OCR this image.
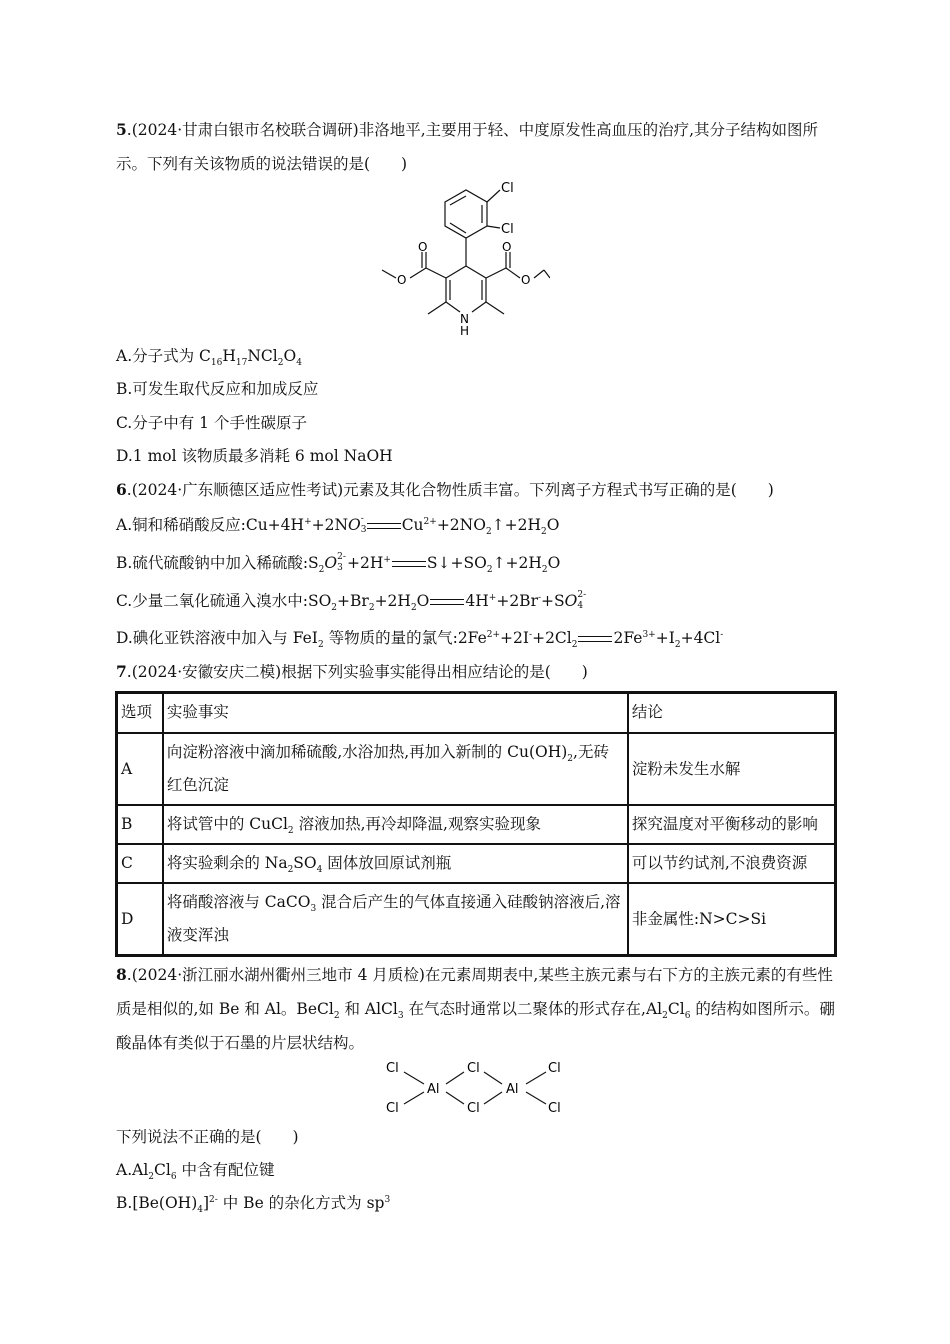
5.(2024·甘肃白银市名校联合调研)非洛地平,主要用于轻、中度原发性高血压的治疗,其分子结构如图所示。下列有关该物质的说法错误的是(　　)
Cl
Cl
O
O
O
O
N
H
A.分子式为 $C_{16}H_{17}NCl_2O_4$
B.可发生取代反应和加成反应
C.分子中有 1 个手性碳原子
D.1 mol 该物质最多消耗 6 mol NaOH
6.(2024·广东顺德区适应性考试)元素及其化合物性质丰富。下列离子方程式书写正确的是(　　)
A.铜和稀硝酸反应:Cu+4H++2NO -
3 $Cu^{2+}+2NO_2↑+2H_2O$
B.硫代硫酸钠中加入稀硫酸$:S_2O$ 2-
3 +2H+ $S↓+SO_2↑+2H_2O$
C.少量二氧化硫通入溴水中$:SO_2+Br_2+2H_2O$ 4H++2Br-+SO 2-
4
D.碘化亚铁溶液中加入与 FeI$_2$ 等物质的量的氯气$:2Fe^{2+}+2I^-+2Cl_2$ $2Fe^{3+}+I_2+4Cl^-$
7.(2024·安徽安庆二模)根据下列实验事实能得出相应结论的是(　　)
选项	实验事实	结论
A	向淀粉溶液中滴加稀硫酸,水浴加热,再加入新制的 $Cu(OH)_2$,无砖红色沉淀	淀粉未发生水解
B	将试管中的 CuCl$_2$ 溶液加热,再冷却降温,观察实验现象	探究温度对平衡移动的影响
C	将实验剩余的 $Na_2SO_4$ 固体放回原试剂瓶	可以节约试剂,不浪费资源
D	将硝酸溶液与 CaCO$_3$ 混合后产生的气体直接通入硅酸钠溶液后,溶液变浑浊	非金属性:N>C>Si
8.(2024·浙江丽水湖州衢州三地市 4 月质检)在元素周期表中,某些主族元素与右下方的主族元素的有些性质是相似的,如 Be 和 Al。BeCl$_2$ 和 AlCl$_3$ 在气态时通常以二聚体的形式存在$,Al_2Cl_6$ 的结构如图所示。硼酸晶体有类似于石墨的片层状结构。
Cl
Cl
Al
Cl
Cl
Al
Cl
Cl
下列说法不正确的是(　　)
$A.Al_2Cl_6$ 中含有配位键
$B.[Be(OH)_4]^{2-}$ 中 Be 的杂化方式为 $sp^3$
